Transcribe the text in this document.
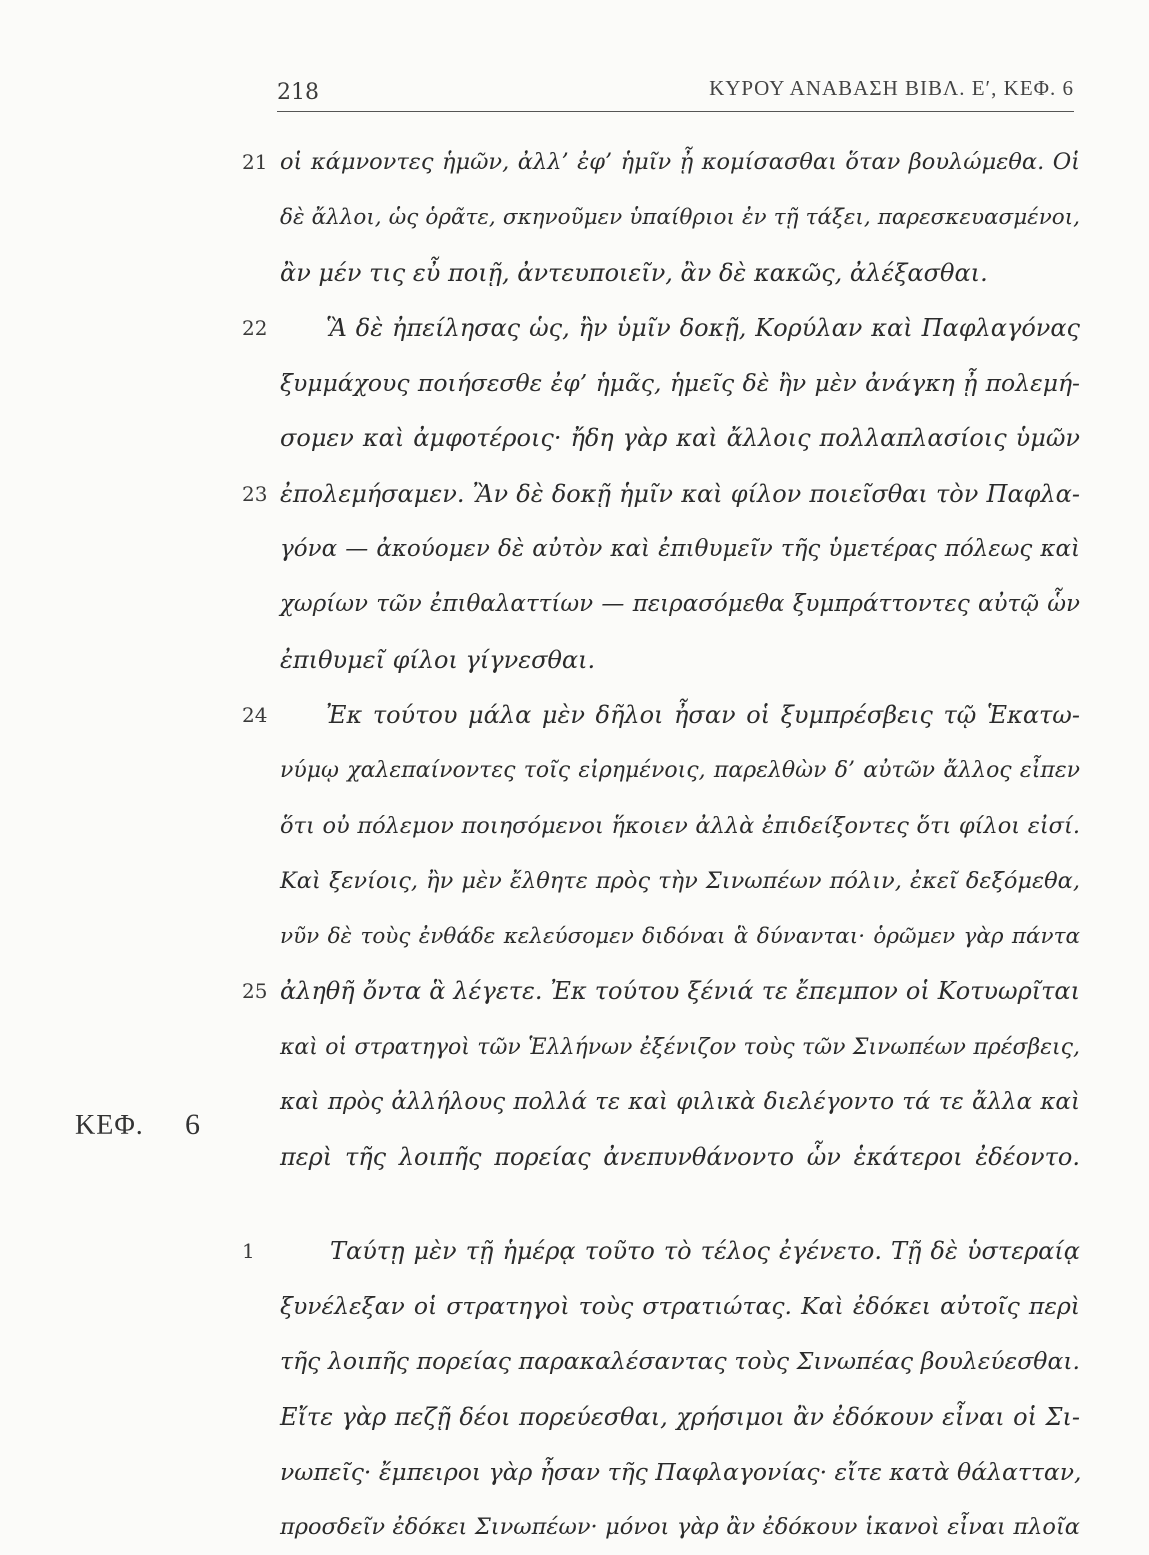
218	ΚΥΡΟΥ ΑΝΑΒΑΣΗ ΒΙΒΛ. Ε′, ΚΕΦ. 6
ΚΕΦ. 6
21 οἱ κάμνοντες ἡμῶν, ἀλλ’ ἐφ’ ἡμῖν ᾖ κομίσασθαι ὅταν βουλώμεθα. Οἱ
δὲ ἄλλοι, ὡς ὁρᾶτε, σκηνοῦμεν ὑπαίθριοι ἐν τῇ τάξει, παρεσκευασμένοι,
ἂν μέν τις εὖ ποιῇ, ἀντευποιεῖν, ἂν δὲ κακῶς, ἀλέξασθαι.
22 Ἃ δὲ ἠπείλησας ὡς, ἢν ὑμῖν δοκῇ, Κορύλαν καὶ Παφλαγόνας
ξυμμάχους ποιήσεσθε ἐφ’ ἡμᾶς, ἡμεῖς δὲ ἢν μὲν ἀνάγκη ᾖ πολεμή-
σομεν καὶ ἀμφοτέροις· ἤδη γὰρ καὶ ἄλλοις πολλαπλασίοις ὑμῶν
23 ἐπολεμήσαμεν. Ἂν δὲ δοκῇ ἡμῖν καὶ φίλον ποιεῖσθαι τὸν Παφλα-
γόνα — ἀκούομεν δὲ αὐτὸν καὶ ἐπιθυμεῖν τῆς ὑμετέρας πόλεως καὶ
χωρίων τῶν ἐπιθαλαττίων — πειρασόμεθα ξυμπράττοντες αὐτῷ ὧν
ἐπιθυμεῖ φίλοι γίγνεσθαι.
24 Ἐκ τούτου μάλα μὲν δῆλοι ἦσαν οἱ ξυμπρέσβεις τῷ Ἑκατω-
νύμῳ χαλεπαίνοντες τοῖς εἰρημένοις, παρελθὼν δ’ αὐτῶν ἄλλος εἶπεν
ὅτι οὐ πόλεμον ποιησόμενοι ἥκοιεν ἀλλὰ ἐπιδείξοντες ὅτι φίλοι εἰσί.
Καὶ ξενίοις, ἢν μὲν ἔλθητε πρὸς τὴν Σινωπέων πόλιν, ἐκεῖ δεξόμεθα,
νῦν δὲ τοὺς ἐνθάδε κελεύσομεν διδόναι ἃ δύνανται· ὁρῶμεν γὰρ πάντα
25 ἀληθῆ ὄντα ἃ λέγετε. Ἐκ τούτου ξένιά τε ἔπεμπον οἱ Κοτυωρῖται
καὶ οἱ στρατηγοὶ τῶν Ἑλλήνων ἐξένιζον τοὺς τῶν Σινωπέων πρέσβεις,
καὶ πρὸς ἀλλήλους πολλά τε καὶ φιλικὰ διελέγοντο τά τε ἄλλα καὶ
περὶ τῆς λοιπῆς πορείας ἀνεπυνθάνοντο ὧν ἑκάτεροι ἐδέοντο.
1	Ταύτῃ μὲν τῇ ἡμέρᾳ τοῦτο τὸ τέλος ἐγένετο. Τῇ δὲ ὑστεραίᾳ
ξυνέλεξαν οἱ στρατηγοὶ τοὺς στρατιώτας. Καὶ ἐδόκει αὐτοῖς περὶ
τῆς λοιπῆς πορείας παρακαλέσαντας τοὺς Σινωπέας βουλεύεσθαι.
Εἴτε γὰρ πεζῇ δέοι πορεύεσθαι, χρήσιμοι ἂν ἐδόκουν εἶναι οἱ Σι-
νωπεῖς· ἔμπειροι γὰρ ἦσαν τῆς Παφλαγονίας· εἴτε κατὰ θάλατταν,
προσδεῖν ἐδόκει Σινωπέων· μόνοι γὰρ ἂν ἐδόκουν ἱκανοὶ εἶναι πλοῖα
